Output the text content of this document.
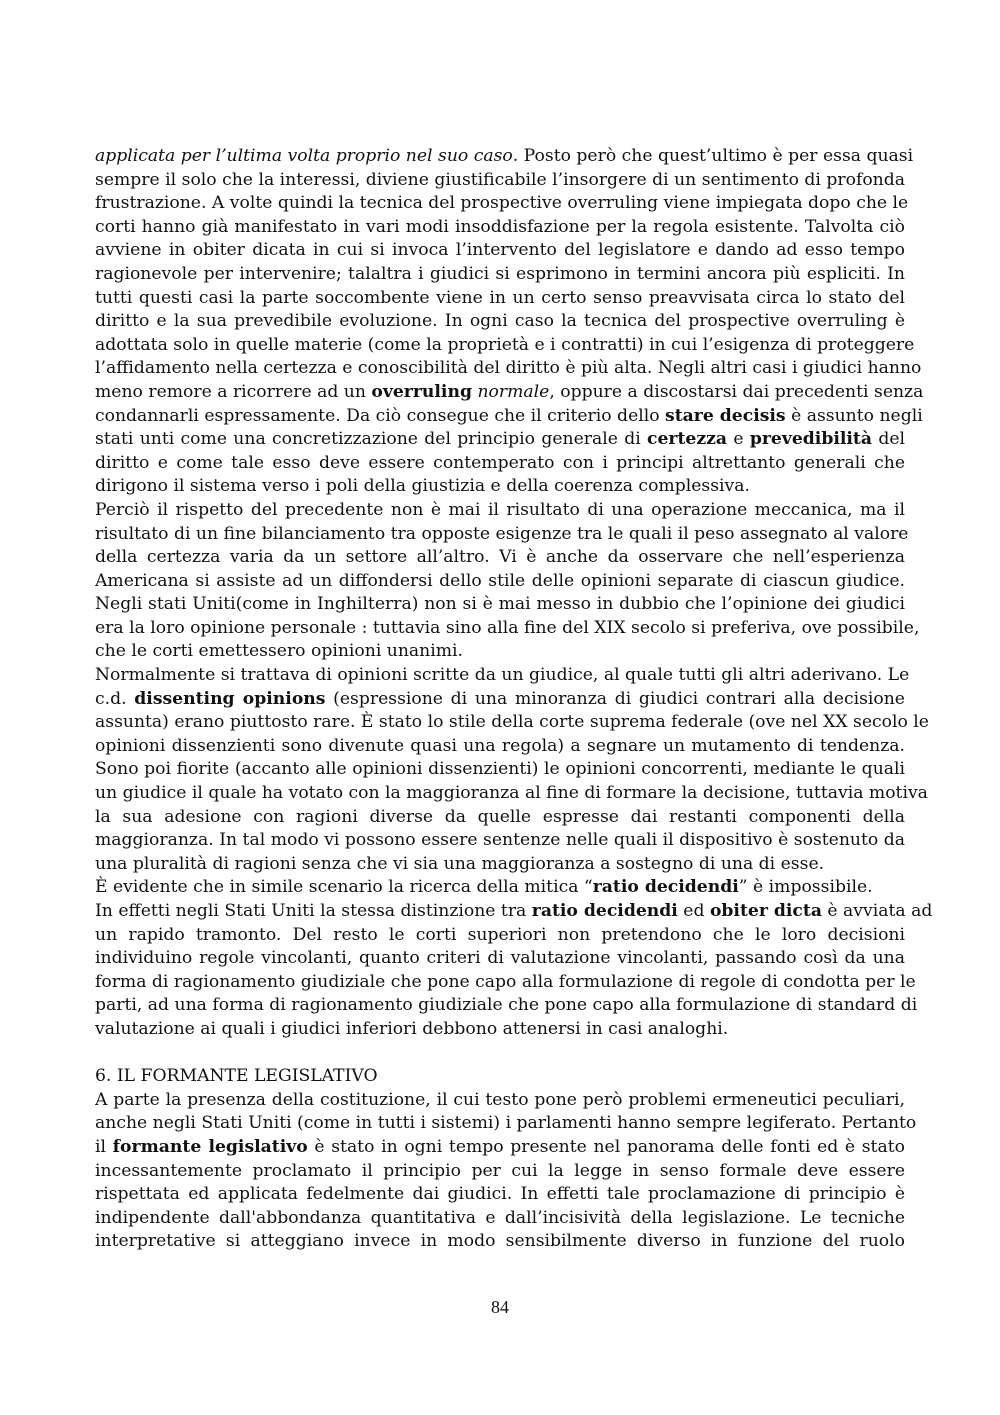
applicata per l’ultima volta proprio nel suo caso. Posto però che quest’ultimo è per essa quasi
sempre il solo che la interessi, diviene giustificabile l’insorgere di un sentimento di profonda
frustrazione. A volte quindi la tecnica del prospective overruling viene impiegata dopo che le
corti hanno già manifestato in vari modi insoddisfazione per la regola esistente. Talvolta ciò
avviene in obiter dicata in cui si invoca l’intervento del legislatore e dando ad esso tempo
ragionevole per intervenire; talaltra i giudici si esprimono in termini ancora più espliciti. In
tutti questi casi la parte soccombente viene in un certo senso preavvisata circa lo stato del
diritto e la sua prevedibile evoluzione. In ogni caso la tecnica del prospective overruling è
adottata solo in quelle materie (come la proprietà e i contratti) in cui l’esigenza di proteggere
l’affidamento nella certezza e conoscibilità del diritto è più alta. Negli altri casi i giudici hanno
meno remore a ricorrere ad un overruling normale, oppure a discostarsi dai precedenti senza
condannarli espressamente. Da ciò consegue che il criterio dello stare decisis è assunto negli
stati unti come una concretizzazione del principio generale di certezza e prevedibilità del
diritto e come tale esso deve essere contemperato con i principi altrettanto generali che
dirigono il sistema verso i poli della giustizia e della coerenza complessiva.
Perciò il rispetto del precedente non è mai il risultato di una operazione meccanica, ma il
risultato di un fine bilanciamento tra opposte esigenze tra le quali il peso assegnato al valore
della certezza varia da un settore all’altro. Vi è anche da osservare che nell’esperienza
Americana si assiste ad un diffondersi dello stile delle opinioni separate di ciascun giudice.
Negli stati Uniti(come in Inghilterra) non si è mai messo in dubbio che l’opinione dei giudici
era la loro opinione personale : tuttavia sino alla fine del XIX secolo si preferiva, ove possibile,
che le corti emettessero opinioni unanimi.
Normalmente si trattava di opinioni scritte da un giudice, al quale tutti gli altri aderivano. Le
c.d. dissenting opinions (espressione di una minoranza di giudici contrari alla decisione
assunta) erano piuttosto rare. È stato lo stile della corte suprema federale (ove nel XX secolo le
opinioni dissenzienti sono divenute quasi una regola) a segnare un mutamento di tendenza.
Sono poi fiorite (accanto alle opinioni dissenzienti) le opinioni concorrenti, mediante le quali
un giudice il quale ha votato con la maggioranza al fine di formare la decisione, tuttavia motiva
la sua adesione con ragioni diverse da quelle espresse dai restanti componenti della
maggioranza. In tal modo vi possono essere sentenze nelle quali il dispositivo è sostenuto da
una pluralità di ragioni senza che vi sia una maggioranza a sostegno di una di esse.
È evidente che in simile scenario la ricerca della mitica “ratio decidendi” è impossibile.
In effetti negli Stati Uniti la stessa distinzione tra ratio decidendi ed obiter dicta è avviata ad
un rapido tramonto. Del resto le corti superiori non pretendono che le loro decisioni
individuino regole vincolanti, quanto criteri di valutazione vincolanti, passando così da una
forma di ragionamento giudiziale che pone capo alla formulazione di regole di condotta per le
parti, ad una forma di ragionamento giudiziale che pone capo alla formulazione di standard di
valutazione ai quali i giudici inferiori debbono attenersi in casi analoghi.
6. IL FORMANTE LEGISLATIVO
A parte la presenza della costituzione, il cui testo pone però problemi ermeneutici peculiari,
anche negli Stati Uniti (come in tutti i sistemi) i parlamenti hanno sempre legiferato. Pertanto
il formante legislativo è stato in ogni tempo presente nel panorama delle fonti ed è stato
incessantemente proclamato il principio per cui la legge in senso formale deve essere
rispettata ed applicata fedelmente dai giudici. In effetti tale proclamazione di principio è
indipendente dall'abbondanza quantitativa e dall’incisività della legislazione. Le tecniche
interpretative si atteggiano invece in modo sensibilmente diverso in funzione del ruolo
84
